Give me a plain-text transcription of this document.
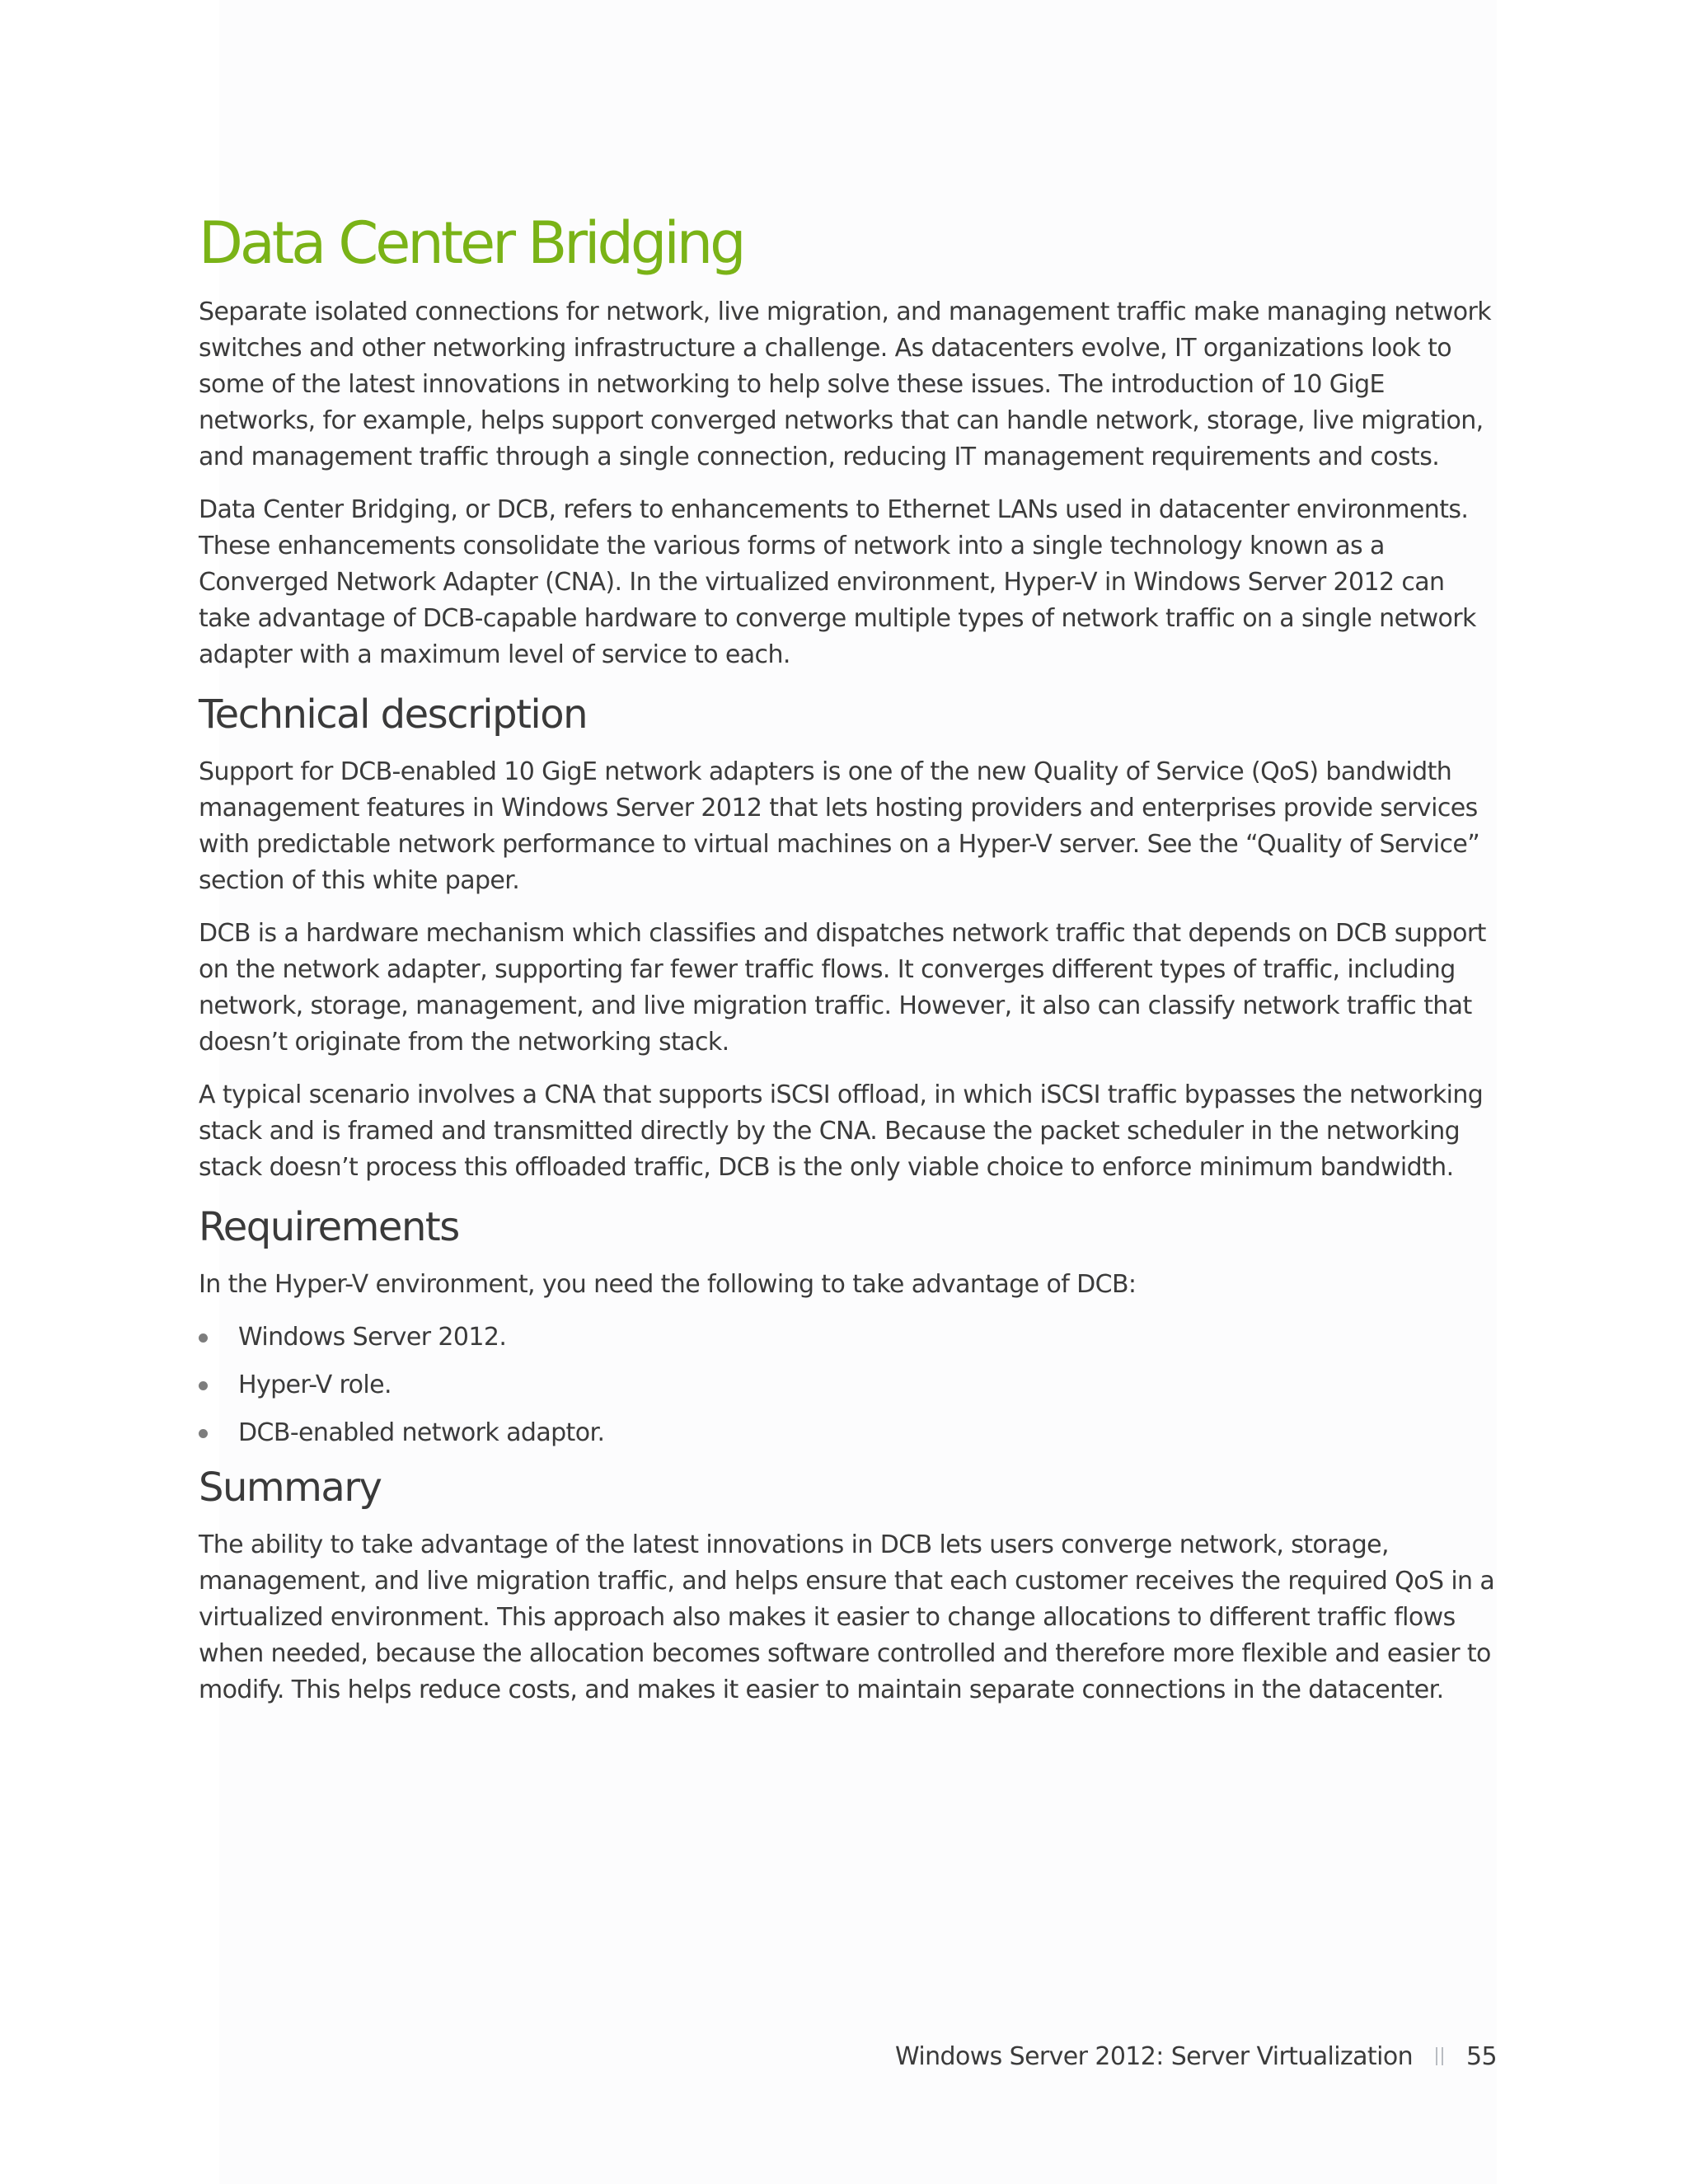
Data Center Bridging

Separate isolated connections for network, live migration, and management traffic make managing network switches and other networking infrastructure a challenge. As datacenters evolve, IT organizations look to some of the latest innovations in networking to help solve these issues. The introduction of 10 GigE networks, for example, helps support converged networks that can handle network, storage, live migration, and management traffic through a single connection, reducing IT management requirements and costs.

Data Center Bridging, or DCB, refers to enhancements to Ethernet LANs used in datacenter environments. These enhancements consolidate the various forms of network into a single technology known as a Converged Network Adapter (CNA). In the virtualized environment, Hyper-V in Windows Server 2012 can take advantage of DCB-capable hardware to converge multiple types of network traffic on a single network adapter with a maximum level of service to each.

Technical description

Support for DCB-enabled 10 GigE network adapters is one of the new Quality of Service (QoS) bandwidth management features in Windows Server 2012 that lets hosting providers and enterprises provide services with predictable network performance to virtual machines on a Hyper-V server. See the “Quality of Service” section of this white paper.

DCB is a hardware mechanism which classifies and dispatches network traffic that depends on DCB support on the network adapter, supporting far fewer traffic flows. It converges different types of traffic, including network, storage, management, and live migration traffic. However, it also can classify network traffic that doesn’t originate from the networking stack.

A typical scenario involves a CNA that supports iSCSI offload, in which iSCSI traffic bypasses the networking stack and is framed and transmitted directly by the CNA. Because the packet scheduler in the networking stack doesn’t process this offloaded traffic, DCB is the only viable choice to enforce minimum bandwidth.

Requirements

In the Hyper-V environment, you need the following to take advantage of DCB:

Windows Server 2012.
Hyper-V role.
DCB-enabled network adaptor.
Summary

The ability to take advantage of the latest innovations in DCB lets users converge network, storage, management, and live migration traffic, and helps ensure that each customer receives the required QoS in a virtualized environment. This approach also makes it easier to change allocations to different traffic flows when needed, because the allocation becomes software controlled and therefore more flexible and easier to modify. This helps reduce costs, and makes it easier to maintain separate connections in the datacenter.

Windows Server 2012: Server Virtualization 55
